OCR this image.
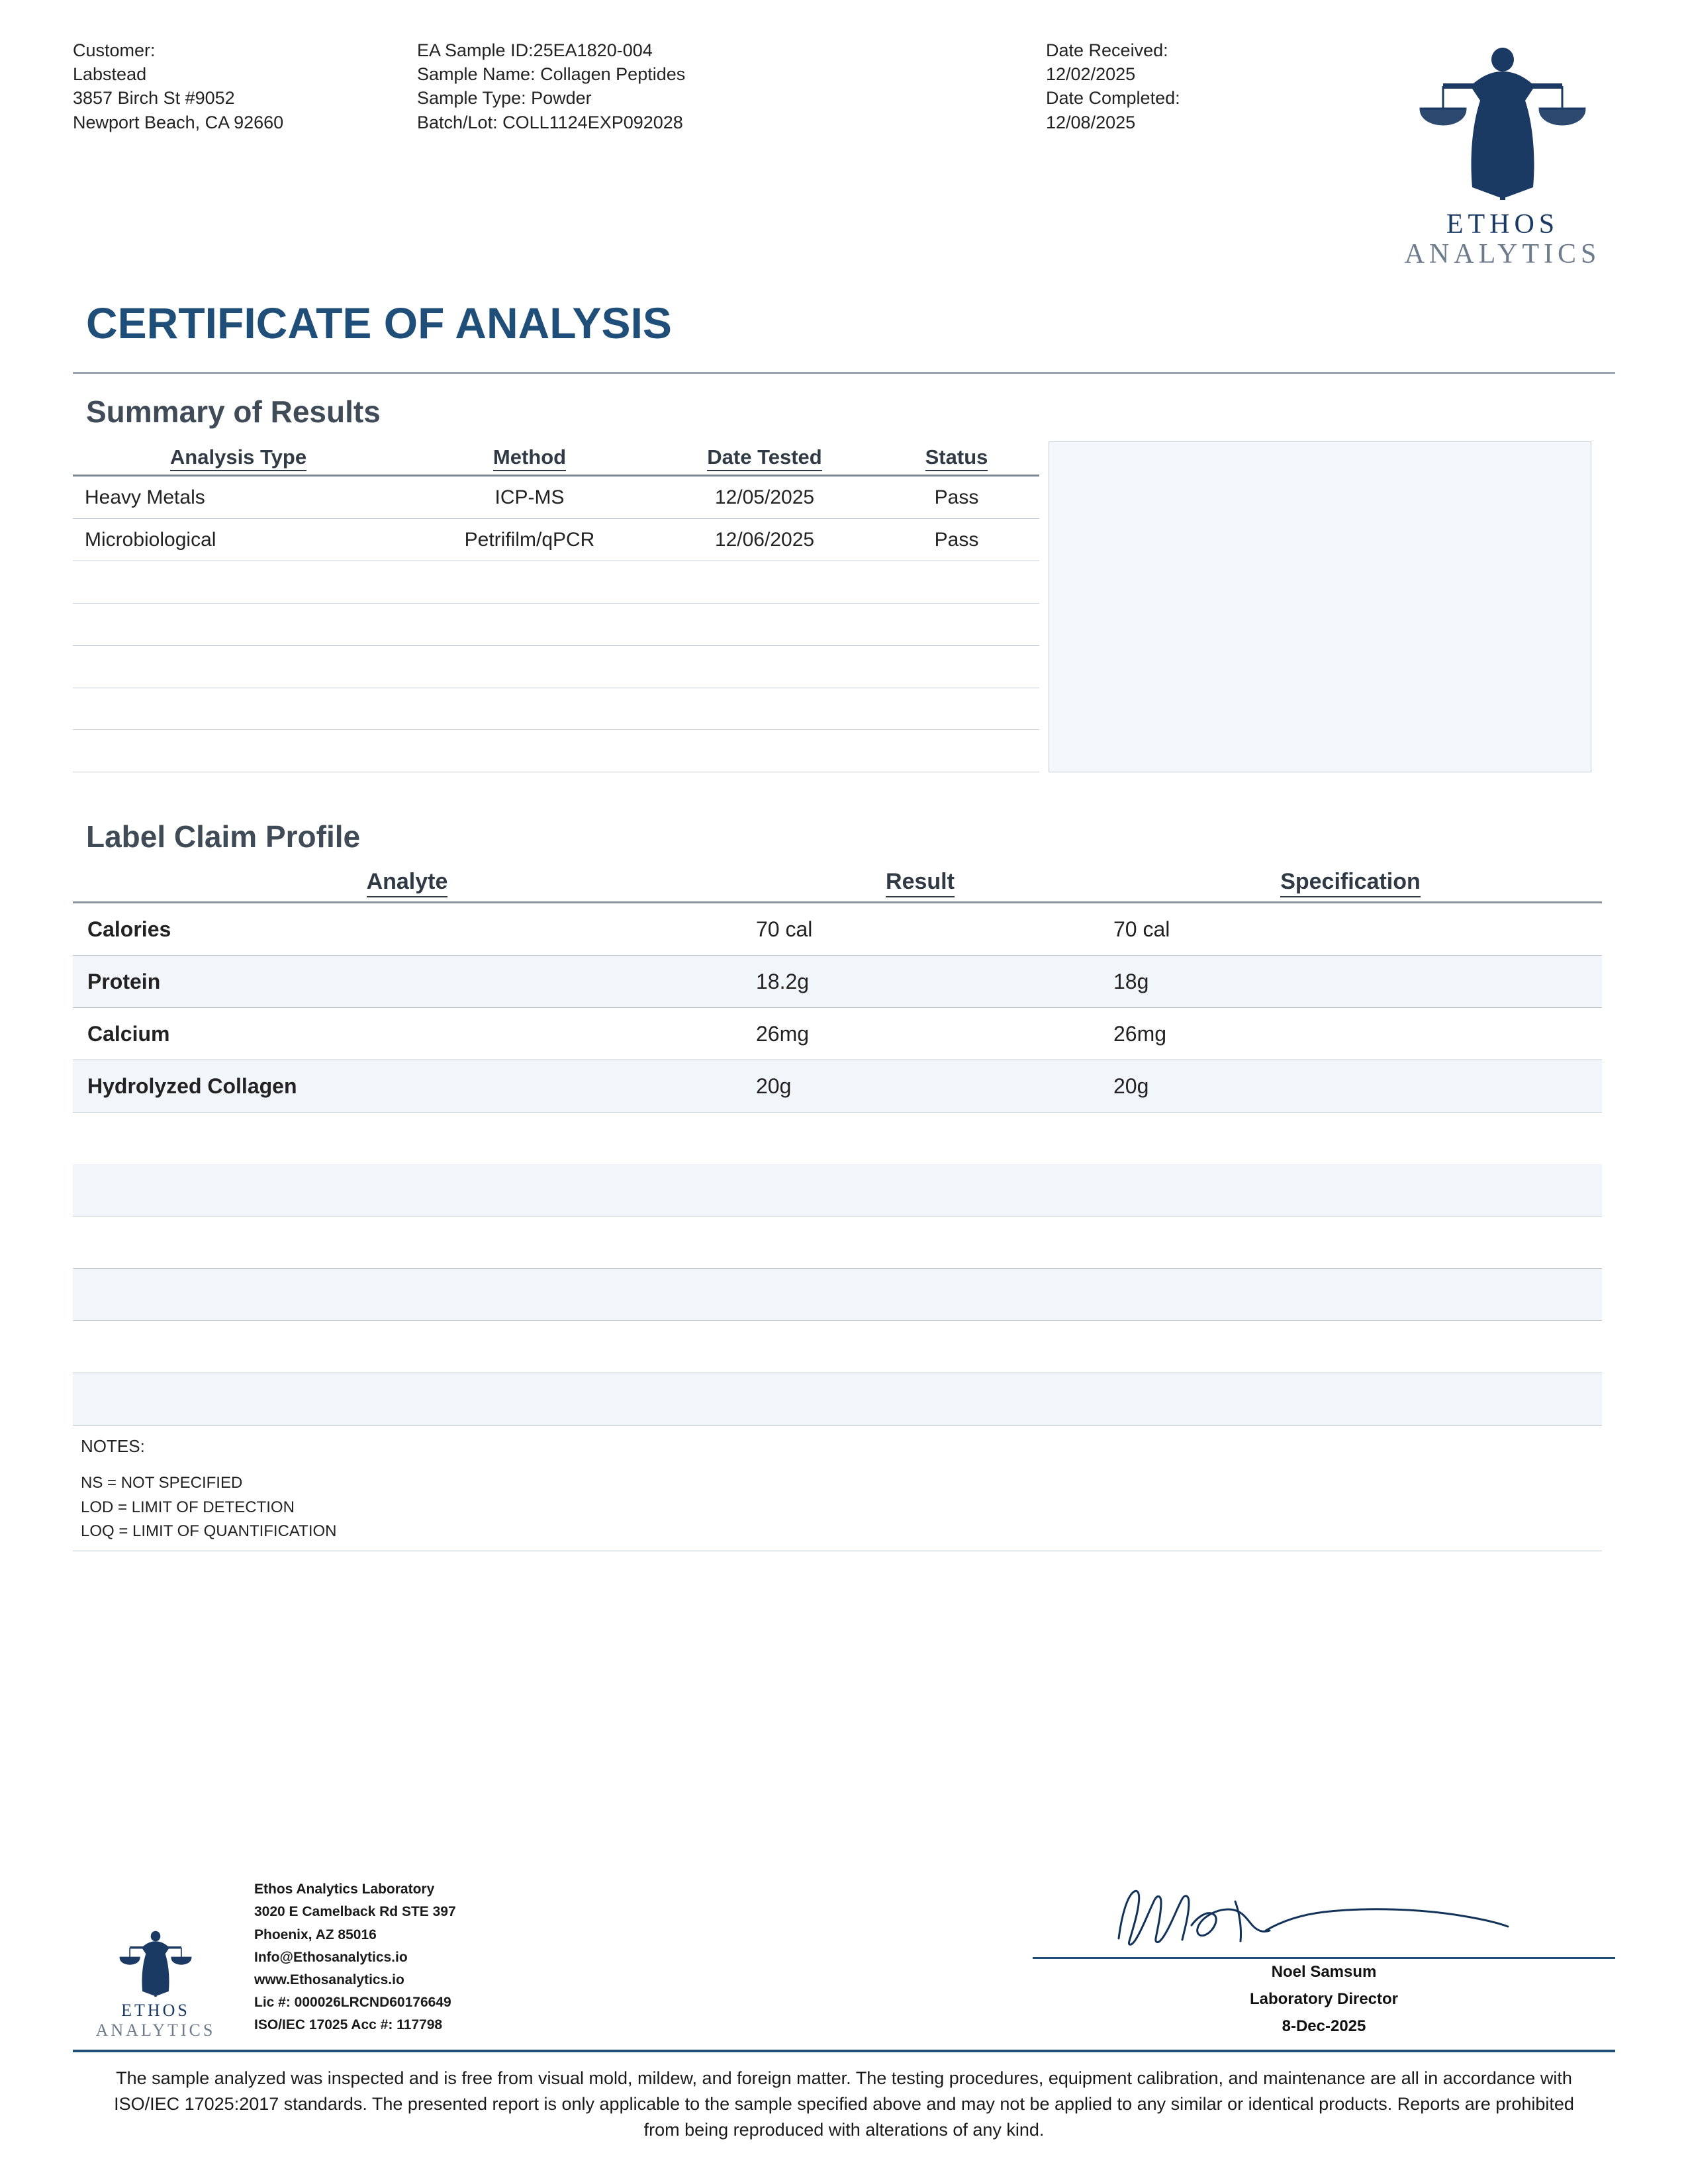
Customer:
Labstead
3857 Birch St #9052
Newport Beach, CA 92660
EA Sample ID:25EA1820-004
Sample Name: Collagen Peptides
Sample Type: Powder
Batch/Lot: COLL1124EXP092028
Date Received:
12/02/2025
Date Completed:
12/08/2025
ETHOS
ANALYTICS
CERTIFICATE OF ANALYSIS
Summary of Results
Analysis Type	Method	Date Tested	Status
Heavy Metals	ICP-MS	12/05/2025	Pass
Microbiological	Petrifilm/qPCR	12/06/2025	Pass

Label Claim Profile
Analyte	Result	Specification
Calories	70 cal	70 cal
Protein	18.2g	18g
Calcium	26mg	26mg
Hydrolyzed Collagen	20g	20g

NOTES:
NS = NOT SPECIFIED
LOD = LIMIT OF DETECTION
LOQ = LIMIT OF QUANTIFICATION
ETHOS
ANALYTICS
Ethos Analytics Laboratory
3020 E Camelback Rd STE 397
Phoenix, AZ 85016
Info@Ethosanalytics.io
www.Ethosanalytics.io
Lic #: 000026LRCND60176649
ISO/IEC 17025 Acc #: 117798
Noel Samsum
Laboratory Director
8-Dec-2025
The sample analyzed was inspected and is free from visual mold, mildew, and foreign matter. The testing procedures, equipment calibration, and maintenance are all in accordance with ISO/IEC 17025:2017 standards. The presented report is only applicable to the sample specified above and may not be applied to any similar or identical products. Reports are prohibited from being reproduced with alterations of any kind.
